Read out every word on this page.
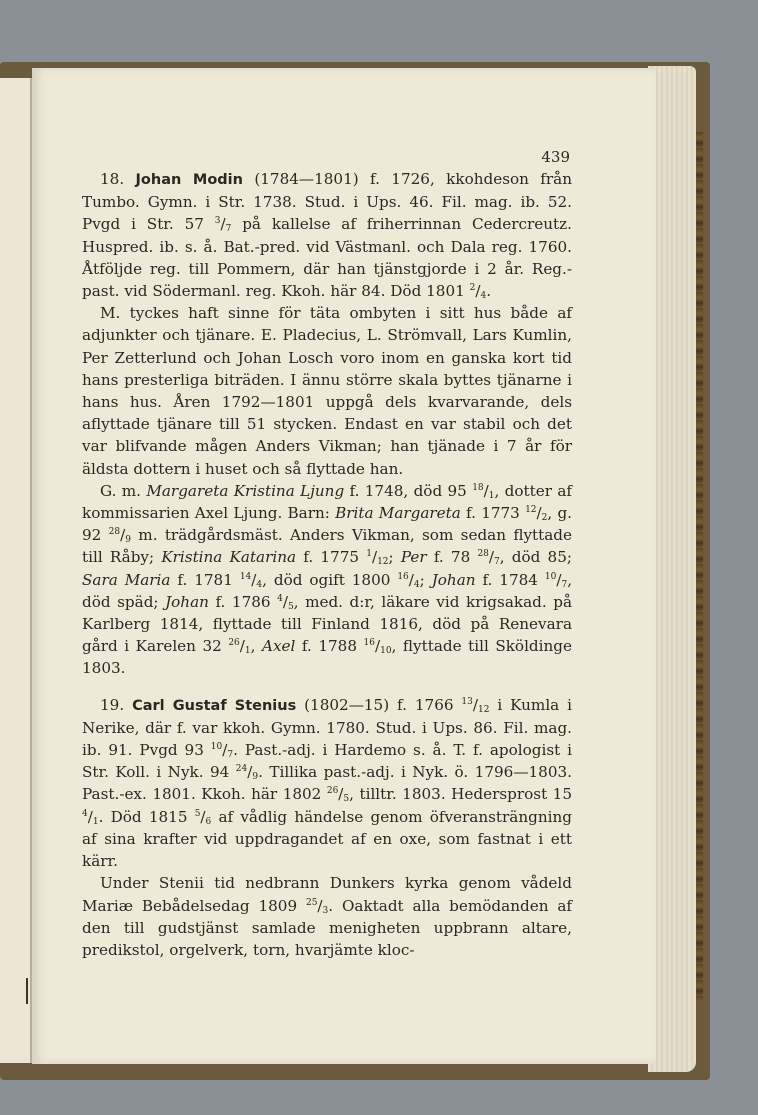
439

18. Johan Modin (1784—1801) f. 1726, kkohdeson från Tumbo. Gymn. i Str. 1738. Stud. i Ups. 46. Fil. mag. ib. 52. Pvgd i Str. 57 $^3/_7$ på kallelse af friherrinnan Cedercreutz. Huspred. ib. s. å. Bat.-pred. vid Västmanl. och Dala reg. 1760. Åtföljde reg. till Pommern, där han tjänstgjorde i 2 år. Reg.-past. vid Södermanl. reg. Kkoh. här 84. Död 1801 $^2/_4$.

M. tyckes haft sinne för täta ombyten i sitt hus både af adjunkter och tjänare. E. Pladecius, L. Strömvall, Lars Kumlin, Per Zetterlund och Johan Losch voro inom en ganska kort tid hans presterliga biträden. I ännu större skala byttes tjänarne i hans hus. Åren 1792—1801 uppgå dels kvarvarande, dels aflyttade tjänare till 51 stycken. Endast en var stabil och det var blifvande mågen Anders Vikman; han tjänade i 7 år för äldsta dottern i huset och så flyttade han.

G. m. Margareta Kristina Ljung f. 1748, död 95 $^{18}/_1$, dotter af kommissarien Axel Ljung. Barn: Brita Margareta f. 1773 $^{12}/_2$, g. 92 $^{28}/_9$ m. trädgårdsmäst. Anders Vikman, som sedan flyttade till Råby; Kristina Katarina f. 1775 $^1/_{12}$; Per f. 78 $^{28}/_7$, död 85; Sara Maria f. 1781 $^{14}/_4$, död ogift 1800 $^{16}/_4$; Johan f. 1784 $^{10}/_7$, död späd; Johan f. 1786 $^4/_5$, med. d:r, läkare vid krigsakad. på Karlberg 1814, flyttade till Finland 1816, död på Renevara gård i Karelen 32 $^{26}/_1$, Axel f. 1788 $^{16}/_{10}$, flyttade till Sköldinge 1803.

19. Carl Gustaf Stenius (1802—15) f. 1766 $^{13}/_{12}$ i Kumla i Nerike, där f. var kkoh. Gymn. 1780. Stud. i Ups. 86. Fil. mag. ib. 91. Pvgd 93 $^{10}/_7$. Past.-adj. i Hardemo s. å. T. f. apologist i Str. Koll. i Nyk. 94 $^{24}/_9$. Tillika past.-adj. i Nyk. ö. 1796—1803. Past.-ex. 1801. Kkoh. här 1802 $^{26}/_5$, tilltr. 1803. Hedersprost 15 $^4/_1$. Död 1815 $^5/_6$ af vådlig händelse genom öfveransträngning af sina krafter vid uppdragandet af en oxe, som fastnat i ett kärr.

Under Stenii tid nedbrann Dunkers kyrka genom vådeld Mariæ Bebådelsedag 1809 $^{25}/_3$. Oaktadt alla bemödanden af den till gudstjänst samlade menigheten uppbrann altare, predikstol, orgelverk, torn, hvarjämte kloc-
